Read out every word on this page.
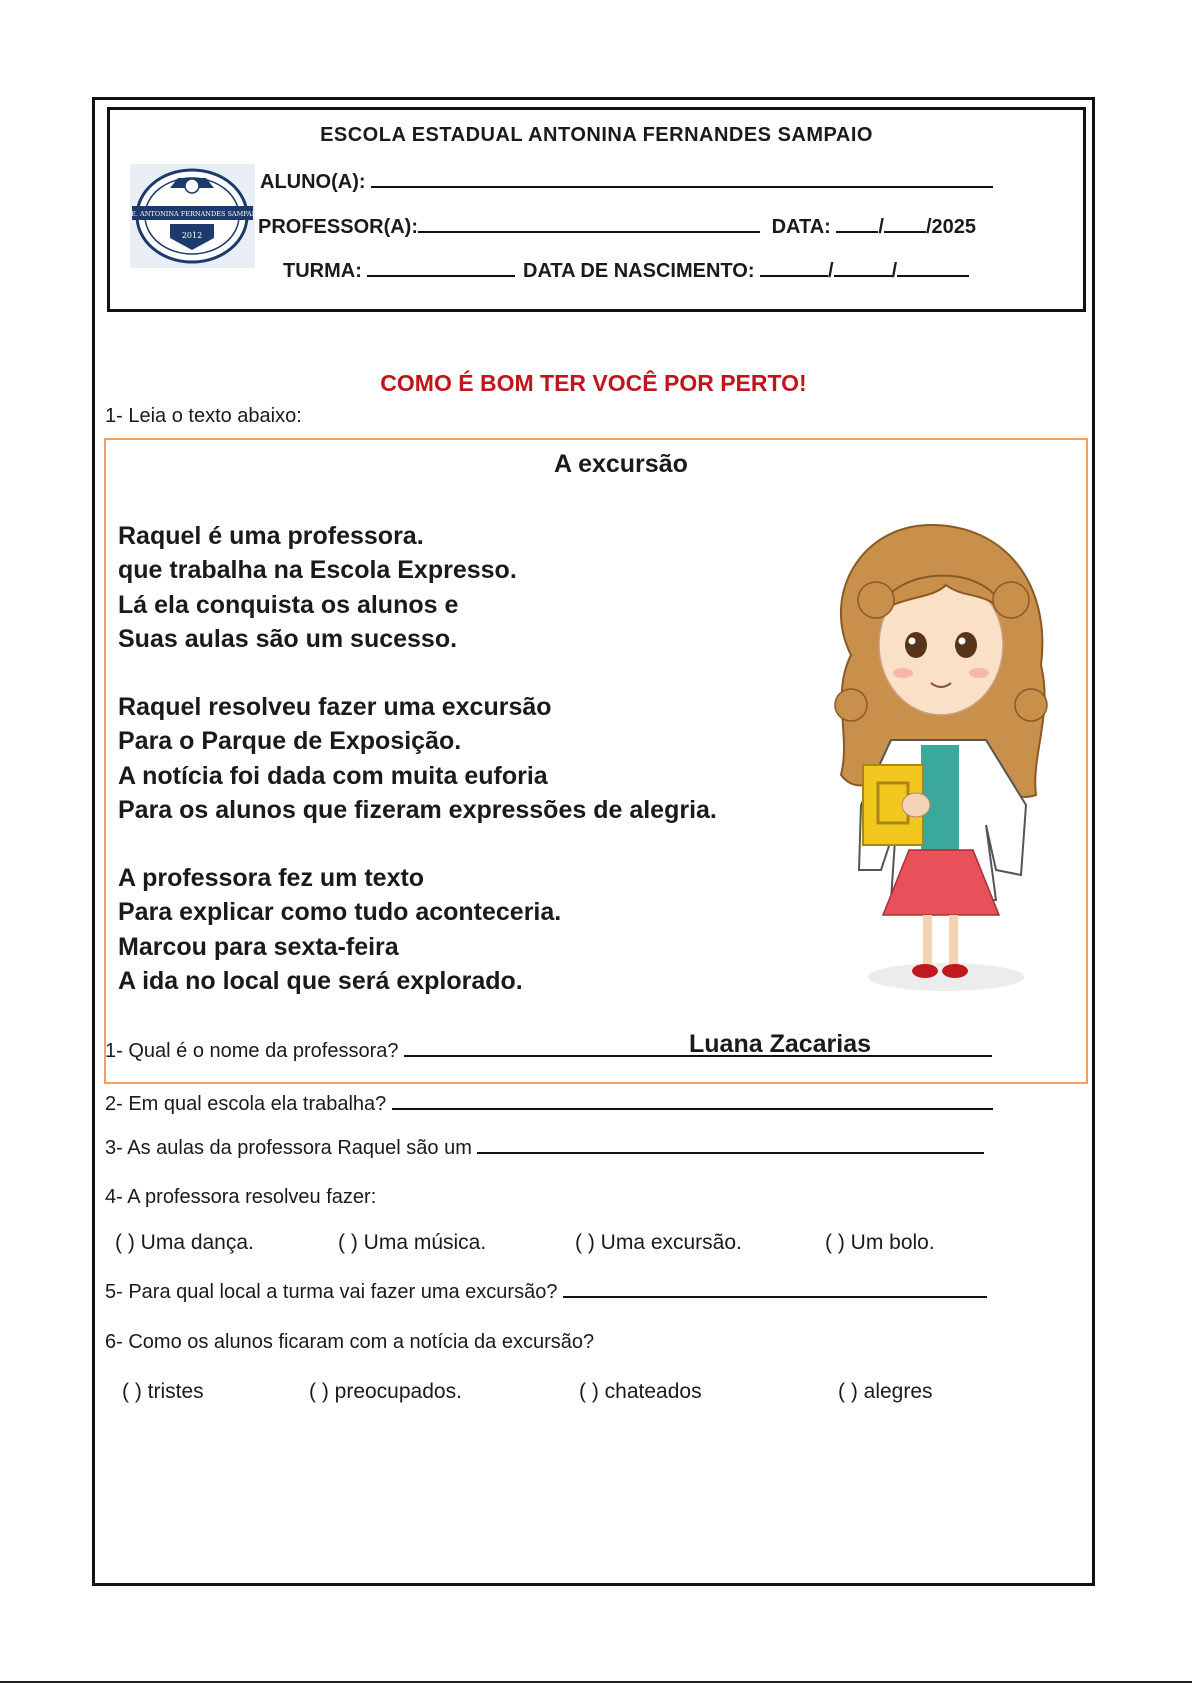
ESCOLA ESTADUAL ANTONINA FERNANDES SAMPAIO
E.E. ANTONINA FERNANDES SAMPAIO
2012
ALUNO(A):
PROFESSOR(A):	DATA: / /2025
TURMA:	DATA DE NASCIMENTO:	/	/
COMO É BOM TER VOCÊ POR PERTO!
1- Leia o texto abaixo:
A excursão
Raquel é uma professora.
que trabalha na Escola Expresso.
Lá ela conquista os alunos e
Suas aulas são um sucesso.
Raquel resolveu fazer uma excursão
Para o Parque de Exposição.
A notícia foi dada com muita euforia
Para os alunos que fizeram expressões de alegria.
A professora fez um texto
Para explicar como tudo aconteceria.
Marcou para sexta-feira
A ida no local que será explorado.
Luana Zacarias
1- Qual é o nome da professora?
2- Em qual escola ela trabalha?
3- As aulas da professora Raquel são um
4- A professora resolveu fazer:
( ) Uma dança.	( ) Uma música.	( ) Uma excursão.	( ) Um bolo.
5- Para qual local a turma vai fazer uma excursão?
6- Como os alunos ficaram com a notícia da excursão?
( ) tristes	( ) preocupados.	( ) chateados	( ) alegres
